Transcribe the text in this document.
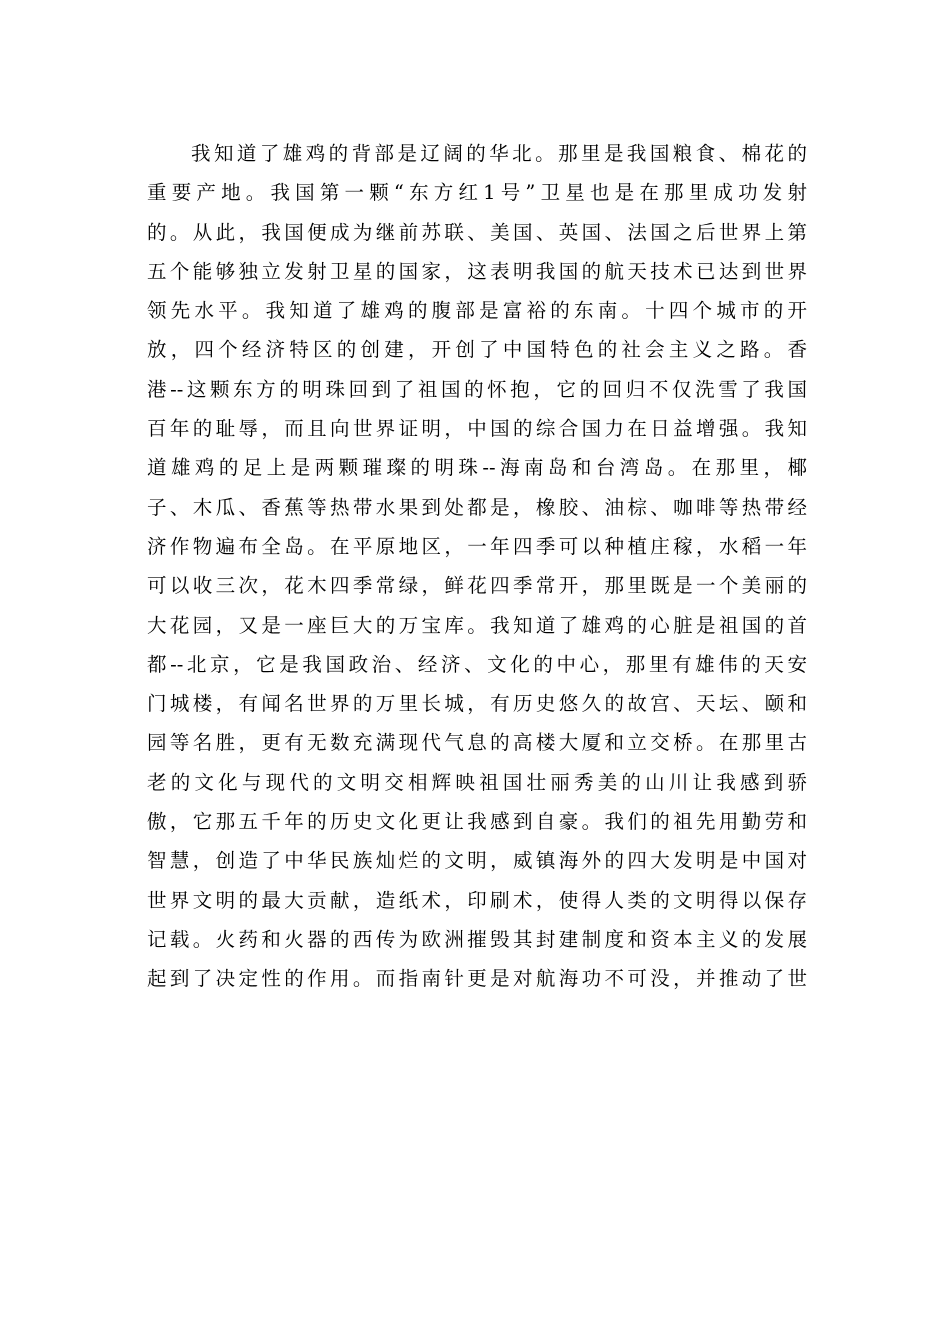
我知道了雄鸡的背部是辽阔的华北。那里是我国粮食、棉花的
重要产地。我国第一颗“东方红1号”卫星也是在那里成功发射
的。从此，我国便成为继前苏联、美国、英国、法国之后世界上第
五个能够独立发射卫星的国家，这表明我国的航天技术已达到世界
领先水平。我知道了雄鸡的腹部是富裕的东南。十四个城市的开
放，四个经济特区的创建，开创了中国特色的社会主义之路。香
港--这颗东方的明珠回到了祖国的怀抱，它的回归不仅洗雪了我国
百年的耻辱，而且向世界证明，中国的综合国力在日益增强。我知
道雄鸡的足上是两颗璀璨的明珠--海南岛和台湾岛。在那里，椰
子、木瓜、香蕉等热带水果到处都是，橡胶、油棕、咖啡等热带经
济作物遍布全岛。在平原地区，一年四季可以种植庄稼，水稻一年
可以收三次，花木四季常绿，鲜花四季常开，那里既是一个美丽的
大花园，又是一座巨大的万宝库。我知道了雄鸡的心脏是祖国的首
都--北京，它是我国政治、经济、文化的中心，那里有雄伟的天安
门城楼，有闻名世界的万里长城，有历史悠久的故宫、天坛、颐和
园等名胜，更有无数充满现代气息的高楼大厦和立交桥。在那里古
老的文化与现代的文明交相辉映祖国壮丽秀美的山川让我感到骄
傲，它那五千年的历史文化更让我感到自豪。我们的祖先用勤劳和
智慧，创造了中华民族灿烂的文明，威镇海外的四大发明是中国对
世界文明的最大贡献，造纸术，印刷术，使得人类的文明得以保存
记载。火药和火器的西传为欧洲摧毁其封建制度和资本主义的发展
起到了决定性的作用。而指南针更是对航海功不可没，并推动了世
